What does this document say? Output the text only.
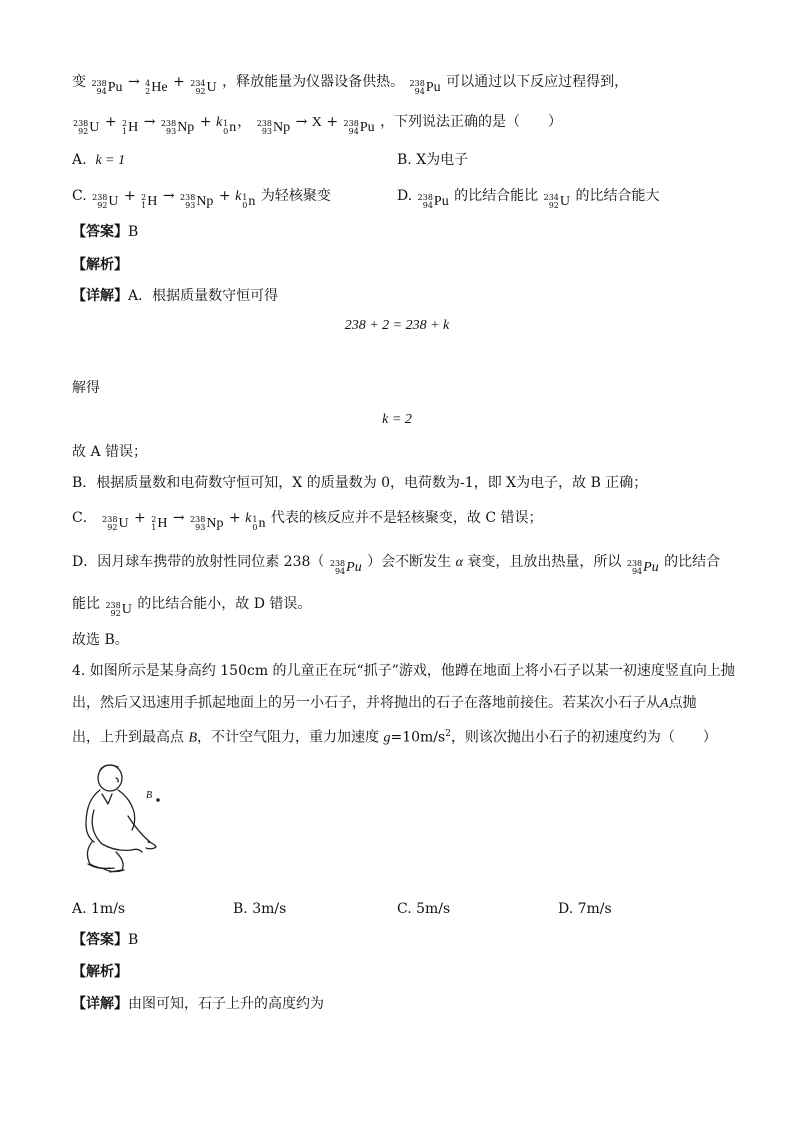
变 238
94 Pu → 4
2 He + 234
92 U ，释放能量为仪器设备供热。 238
94 Pu 可以通过以下反应过程得到，
238
92 U + 2
1 H → 238
93 Np + k 1
0 n ， 238
93 Np → X + 238
94 Pu ，下列说法正确的是（　　）
A. k = 1	B. X为电子
C. 238
92 U + 2
1 H → 238
93 Np + k 1
0 n 为轻核聚变	D. 238
94 Pu 的比结合能比 234
92 U 的比结合能大
【答案】B
【解析】
【详解】A．根据质量数守恒可得
238 + 2 = 238 + k
解得
k = 2
故 A 错误；
B．根据质量数和电荷数守恒可知，X 的质量数为 0，电荷数为-1，即 X为电子，故 B 正确；
C． 238
92 U + 2
1 H → 238
93 Np + k 1
0 n 代表的核反应并不是轻核聚变，故 C 错误；
D．因月球车携带的放射性同位素 238（ 238
94 Pu ）会不断发生 α 衰变，且放出热量，所以 238
94 Pu 的比结合
能比 238
92 U 的比结合能小，故 D 错误。
故选 B。
4. 如图所示是某身高约 150cm 的儿童正在玩“抓子”游戏，他蹲在地面上将小石子以某一初速度竖直向上抛
出，然后又迅速用手抓起地面上的另一小石子，并将抛出的石子在落地前接住。若某次小石子从A点抛
出，上升到最高点 B，不计空气阻力，重力加速度 $g=10m/s^2$，则该次抛出小石子的初速度约为（　　）
B
A. 1m/s	B. 3m/s	C. 5m/s	D. 7m/s
【答案】B
【解析】
【详解】由图可知，石子上升的高度约为
